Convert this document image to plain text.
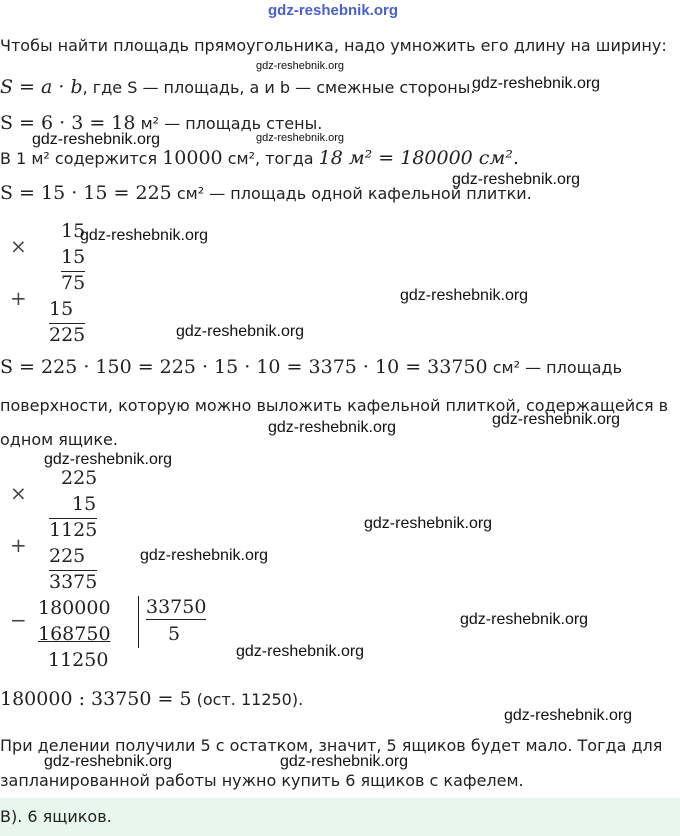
gdz-reshebnik.org
Чтобы найти площадь прямоугольника, надо умножить его длину на ширину:
S = a · b, где S — площадь, a и b — смежные стороны.
S = 6 · 3 = 18 м² — площадь стены.
В 1 м² содержится 10000 см², тогда 18 м² = 180000 см².
S = 15 · 15 = 225 см² — площадь одной кафельной плитки.
×
15
15
75
+ 15
225
S = 225 · 150 = 225 · 15 · 10 = 3375 · 10 = 33750 см² — площадь
поверхности, которую можно выложить кафельной плиткой, содержащейся в
одном ящике.
×
225
15
1125
+ 225
3375
− 180000
168750
11250
33750
5
180000 : 33750 = 5 (ост. 11250).
При делении получили 5 с остатком, значит, 5 ящиков будет мало. Тогда для
запланированной работы нужно купить 6 ящиков с кафелем.
В). 6 ящиков.
gdz-reshebnik.org
gdz-reshebnik.org
gdz-reshebnik.org
gdz-reshebnik.org
gdz-reshebnik.org
gdz-reshebnik.org
gdz-reshebnik.org
gdz-reshebnik.org
gdz-reshebnik.org	gdz-reshebnik.org
gdz-reshebnik.org
gdz-reshebnik.org
gdz-reshebnik.org
gdz-reshebnik.org
gdz-reshebnik.org
gdz-reshebnik.org
gdz-reshebnik.org	gdz-reshebnik.org
